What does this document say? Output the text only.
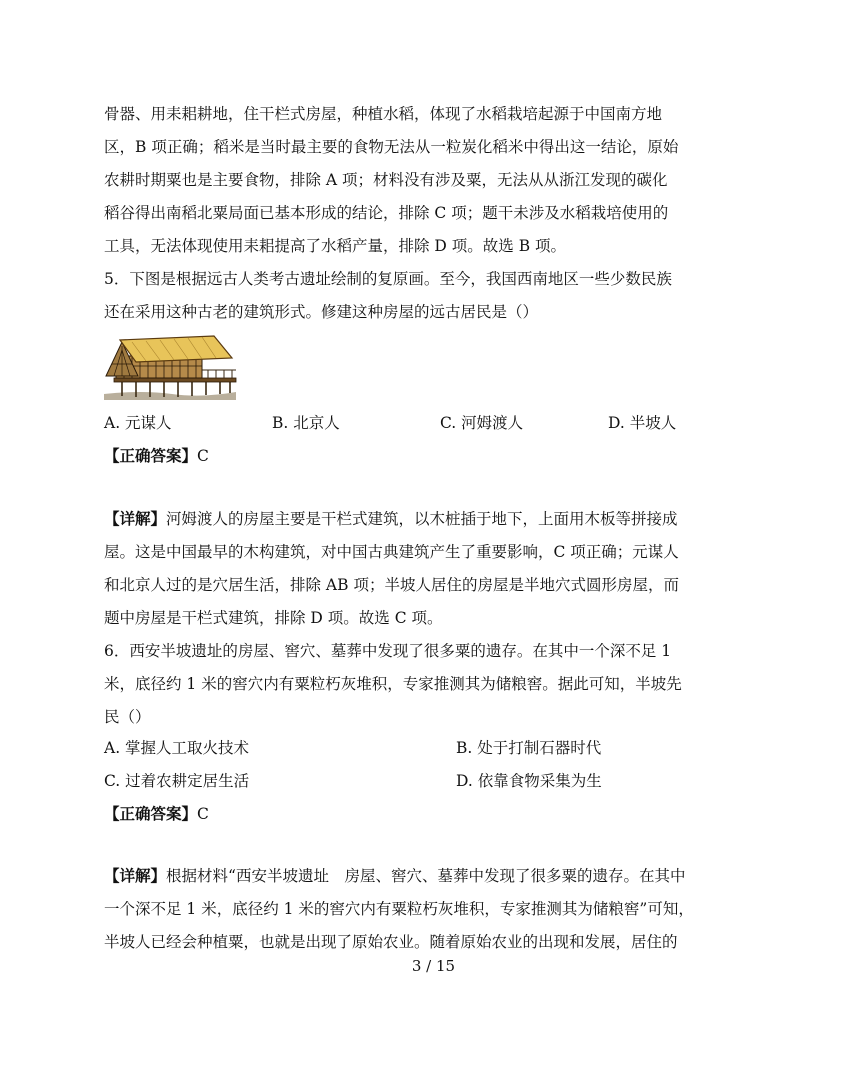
骨器、用耒耜耕地，住干栏式房屋，种植水稻，体现了水稻栽培起源于中国南方地
区，B 项正确；稻米是当时最主要的食物无法从一粒炭化稻米中得出这一结论，原始
农耕时期粟也是主要食物，排除 A 项；材料没有涉及粟，无法从从浙江发现的碳化
稻谷得出南稻北粟局面已基本形成的结论，排除 C 项；题干未涉及水稻栽培使用的
工具，无法体现使用耒耜提高了水稻产量，排除 D 项。故选 B 项。
5．下图是根据远古人类考古遗址绘制的复原画。至今，我国西南地区一些少数民族
还在采用这种古老的建筑形式。修建这种房屋的远古居民是（）
A. 元谋人	B. 北京人	C. 河姆渡人	D. 半坡人
【正确答案】C
【详解】河姆渡人的房屋主要是干栏式建筑，以木桩插于地下，上面用木板等拼接成
屋。这是中国最早的木构建筑，对中国古典建筑产生了重要影响，C 项正确；元谋人
和北京人过的是穴居生活，排除 AB 项；半坡人居住的房屋是半地穴式圆形房屋，而
题中房屋是干栏式建筑，排除 D 项。故选 C 项。
6．西安半坡遗址的房屋、窖穴、墓葬中发现了很多粟的遗存。在其中一个深不足 1
米，底径约 1 米的窖穴内有粟粒朽灰堆积，专家推测其为储粮窖。据此可知，半坡先
民（）
A. 掌握人工取火技术	B. 处于打制石器时代
C. 过着农耕定居生活	D. 依靠食物采集为生
【正确答案】C
【详解】根据材料“西安半坡遗址　房屋、窖穴、墓葬中发现了很多粟的遗存。在其中
一个深不足 1 米，底径约 1 米的窖穴内有粟粒朽灰堆积，专家推测其为储粮窖”可知，
半坡人已经会种植粟，也就是出现了原始农业。随着原始农业的出现和发展，居住的
3 / 15
